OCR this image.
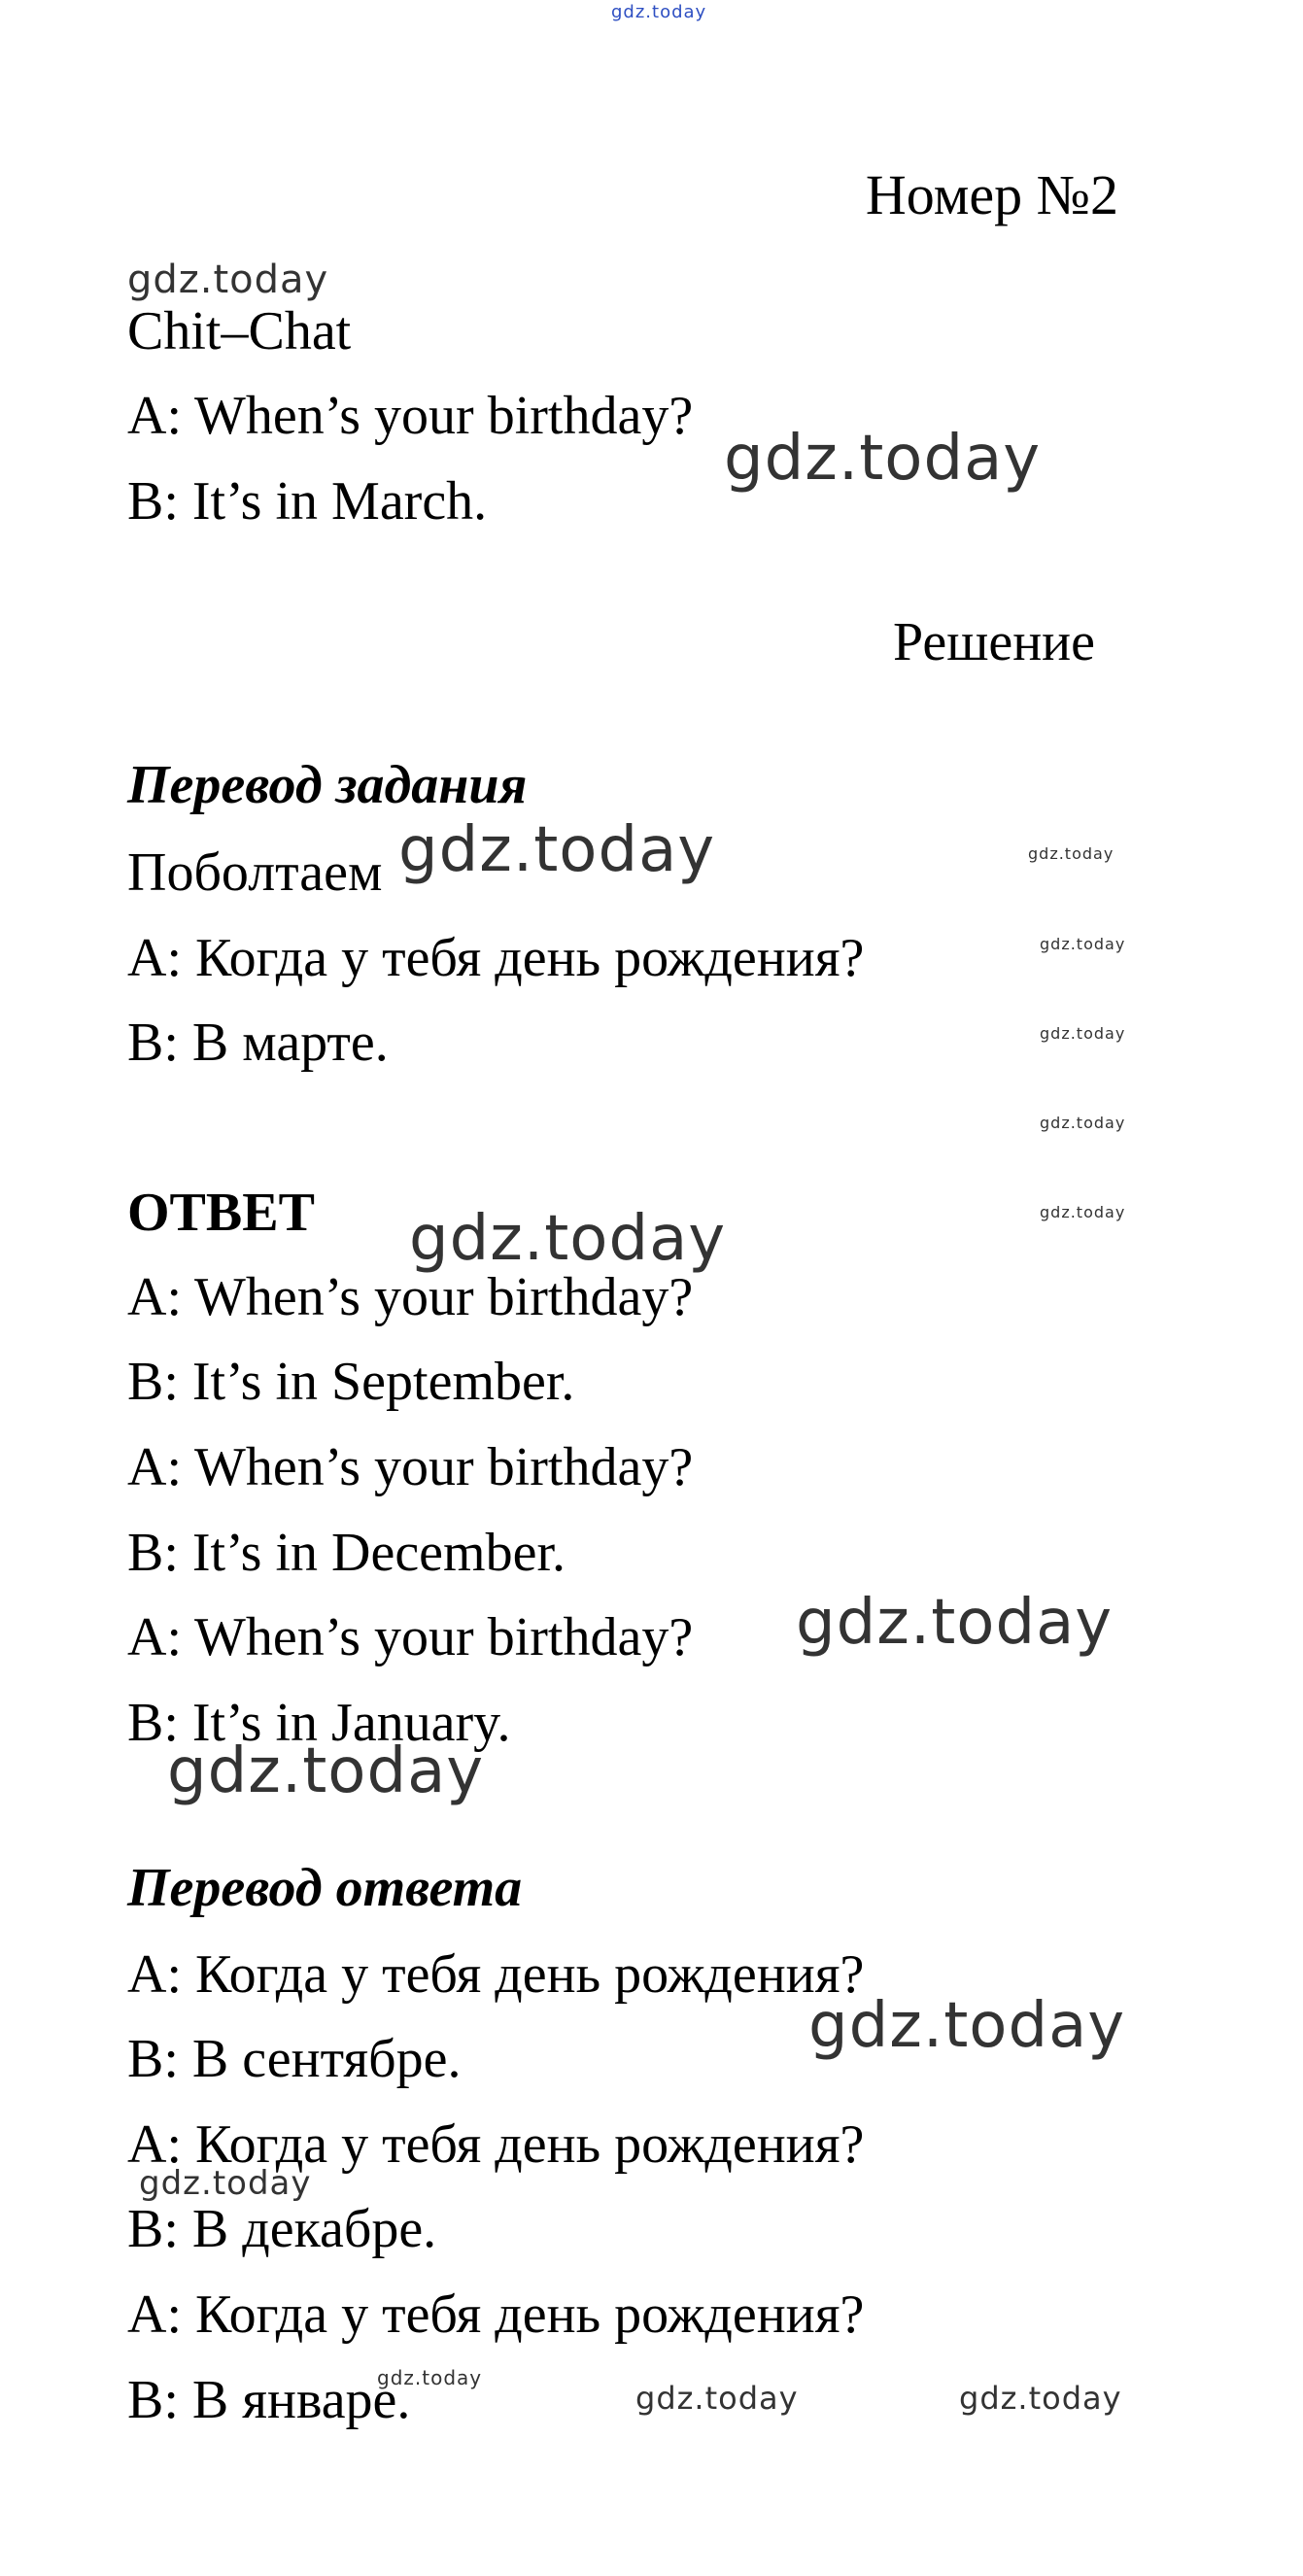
gdz.today
Номер №2
gdz.today
Chit–Chat
A: When’s your birthday?
gdz.today
B: It’s in March.
Решение
Перевод задания
Поболтаем gdz.today	gdz.today
A: Когда у тебя день рождения?	gdz.today
B: В марте.	gdz.today
gdz.today
ОТВЕТ	gdz.today
gdz.today
A: When’s your birthday?
B: It’s in September.
A: When’s your birthday?
B: It’s in December.
A: When’s your birthday? gdz.today
B: It’s in January.
gdz.today
Перевод ответа
A: Когда у тебя день рождения?
gdz.today
B: В сентябре.
A: Когда у тебя день рождения?
gdz.today
B: В декабре.
A: Когда у тебя день рождения?
B: В январе.
gdz.today
gdz.today	gdz.today
